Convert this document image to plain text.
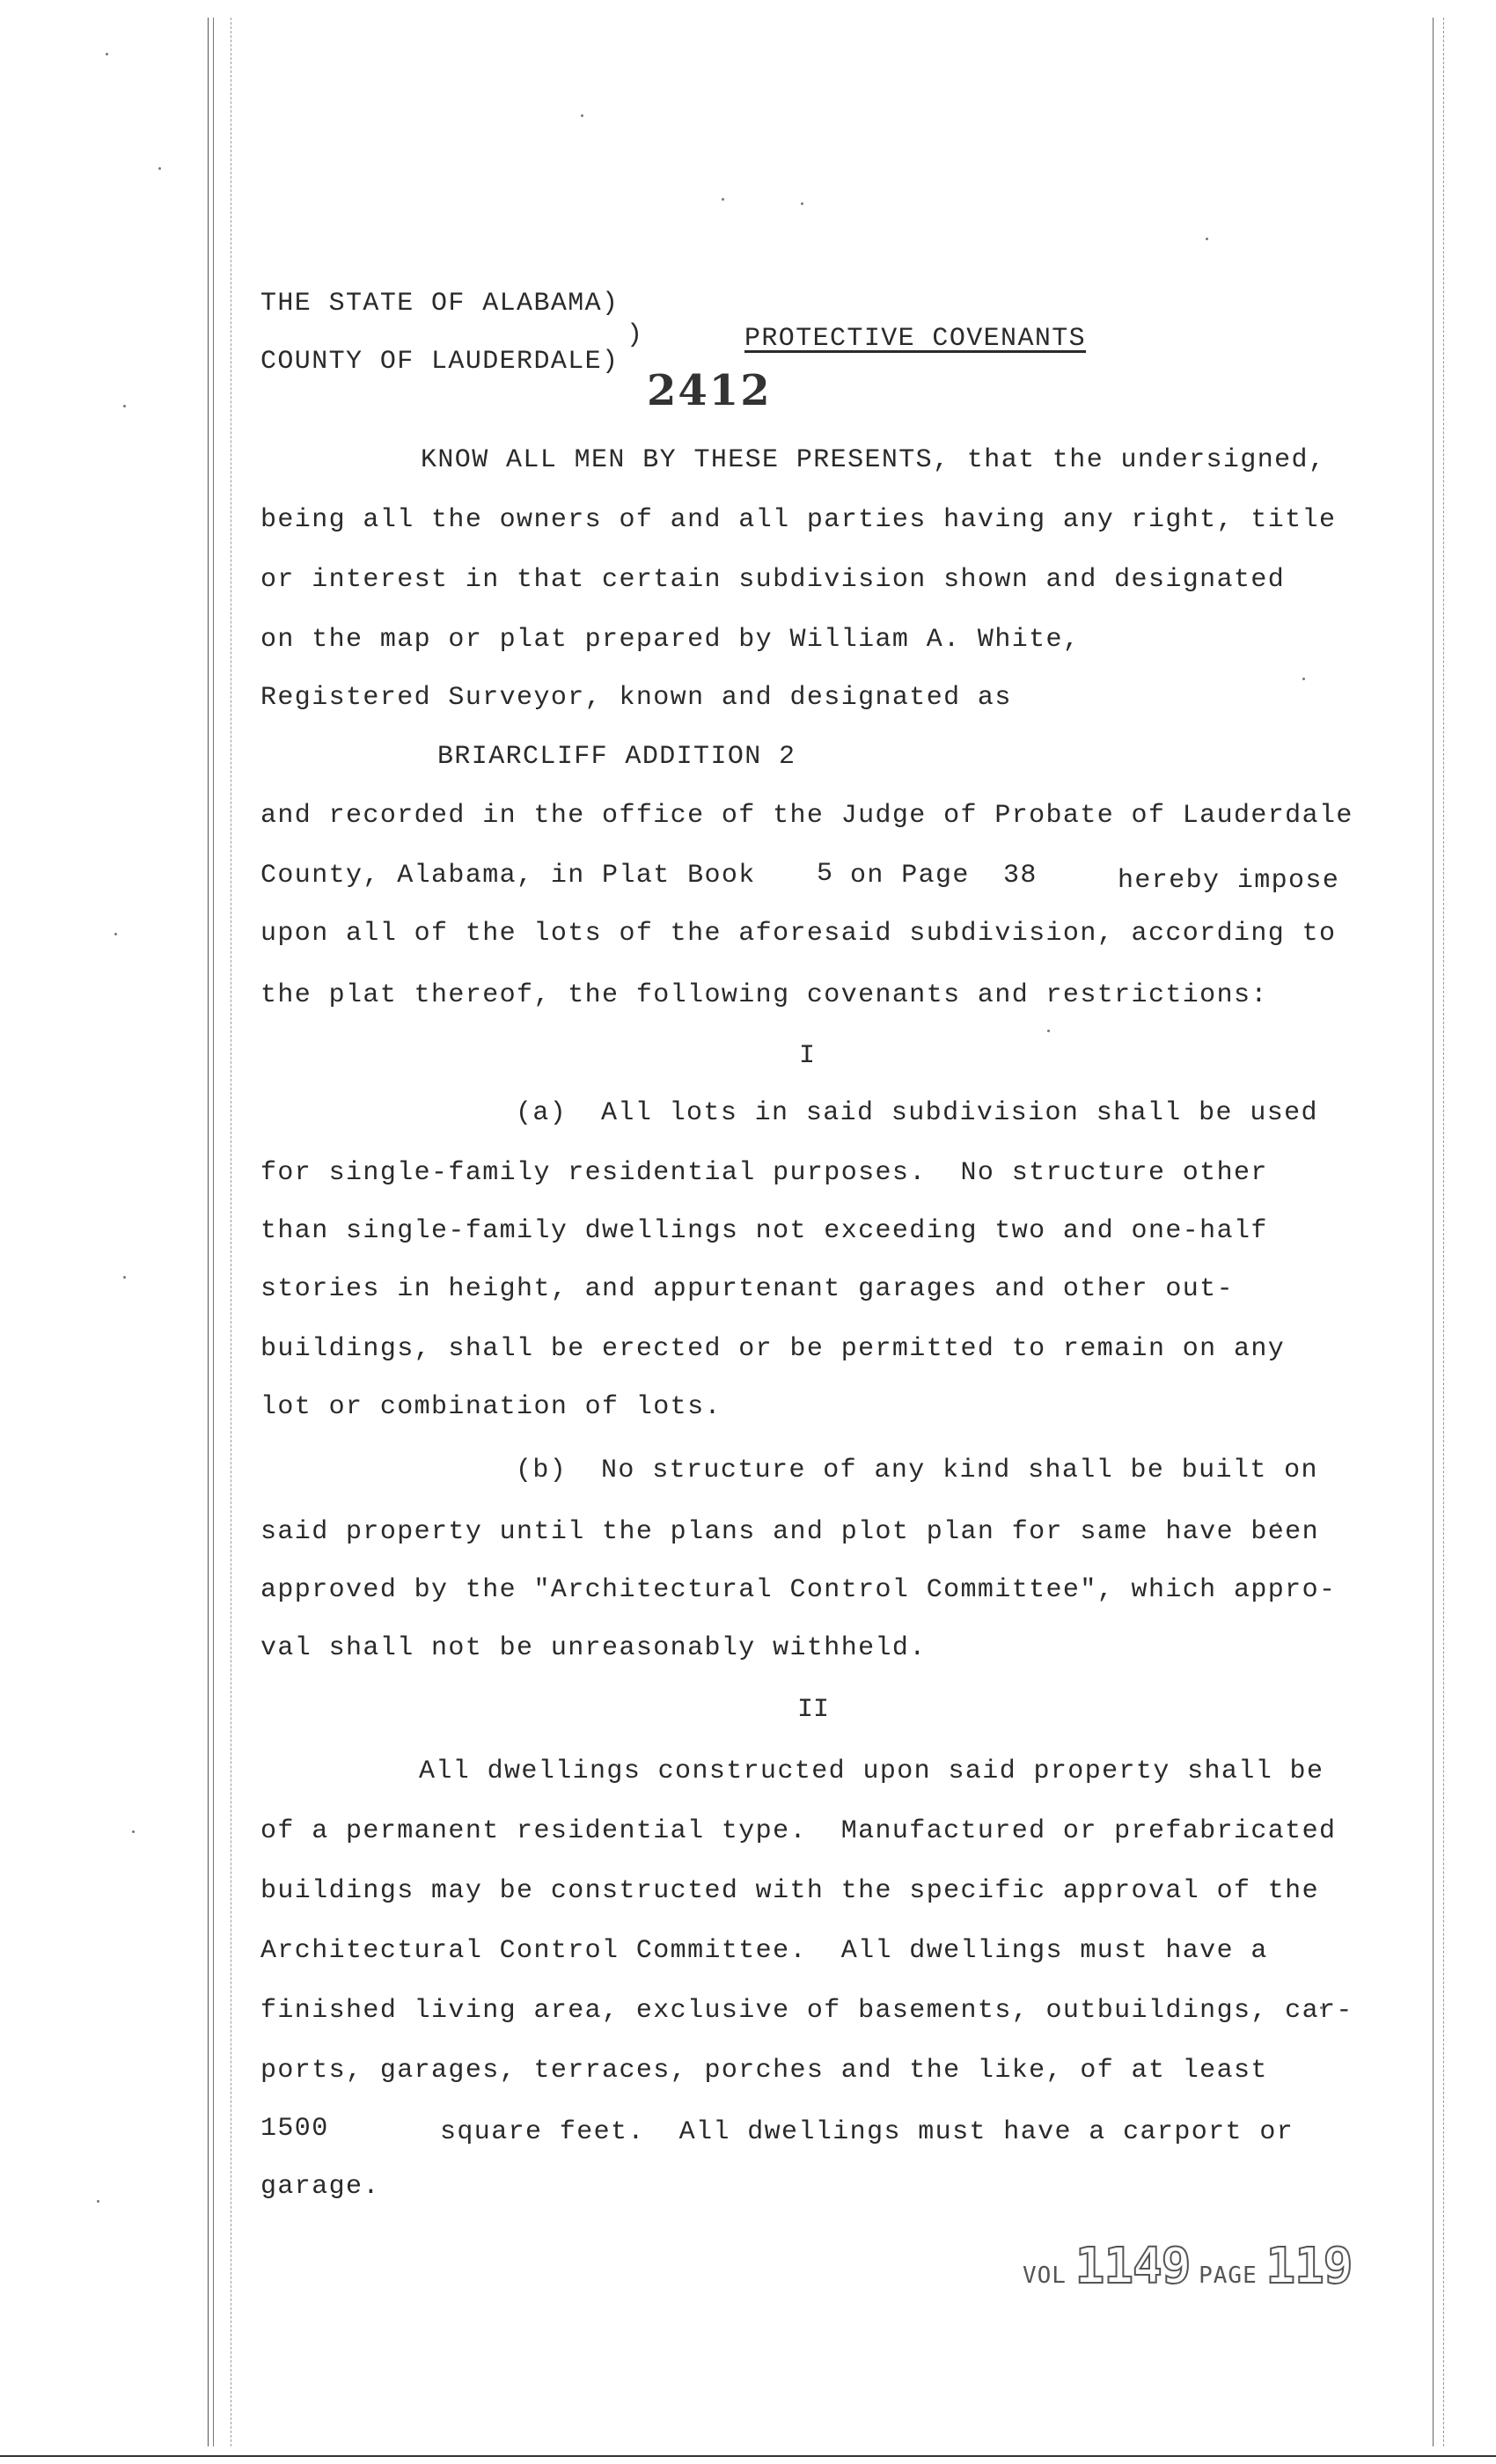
THE STATE OF ALABAMA)
)
COUNTY OF LAUDERDALE)
PROTECTIVE COVENANTS
2412
KNOW ALL MEN BY THESE PRESENTS, that the undersigned,
being all the owners of and all parties having any right, title
or interest in that certain subdivision shown and designated
on the map or plat prepared by William A. White,
Registered Surveyor, known and designated as
BRIARCLIFF ADDITION 2
and recorded in the office of the Judge of Probate of Lauderdale
County, Alabama, in Plat Book 5 on Page 38	hereby impose
upon all of the lots of the aforesaid subdivision, according to
the plat thereof, the following covenants and restrictions:
I
(a)  All lots in said subdivision shall be used
for single-family residential purposes.  No structure other
than single-family dwellings not exceeding two and one-half
stories in height, and appurtenant garages and other out-
buildings, shall be erected or be permitted to remain on any
lot or combination of lots.
(b)  No structure of any kind shall be built on
said property until the plans and plot plan for same have been
approved by the "Architectural Control Committee", which appro-
val shall not be unreasonably withheld.
II
All dwellings constructed upon said property shall be
of a permanent residential type.  Manufactured or prefabricated
buildings may be constructed with the specific approval of the
Architectural Control Committee.  All dwellings must have a
finished living area, exclusive of basements, outbuildings, car-
ports, garages, terraces, porches and the like, of at least
1500	square feet.  All dwellings must have a carport or
garage.
VOL 1149 PAGE 119
